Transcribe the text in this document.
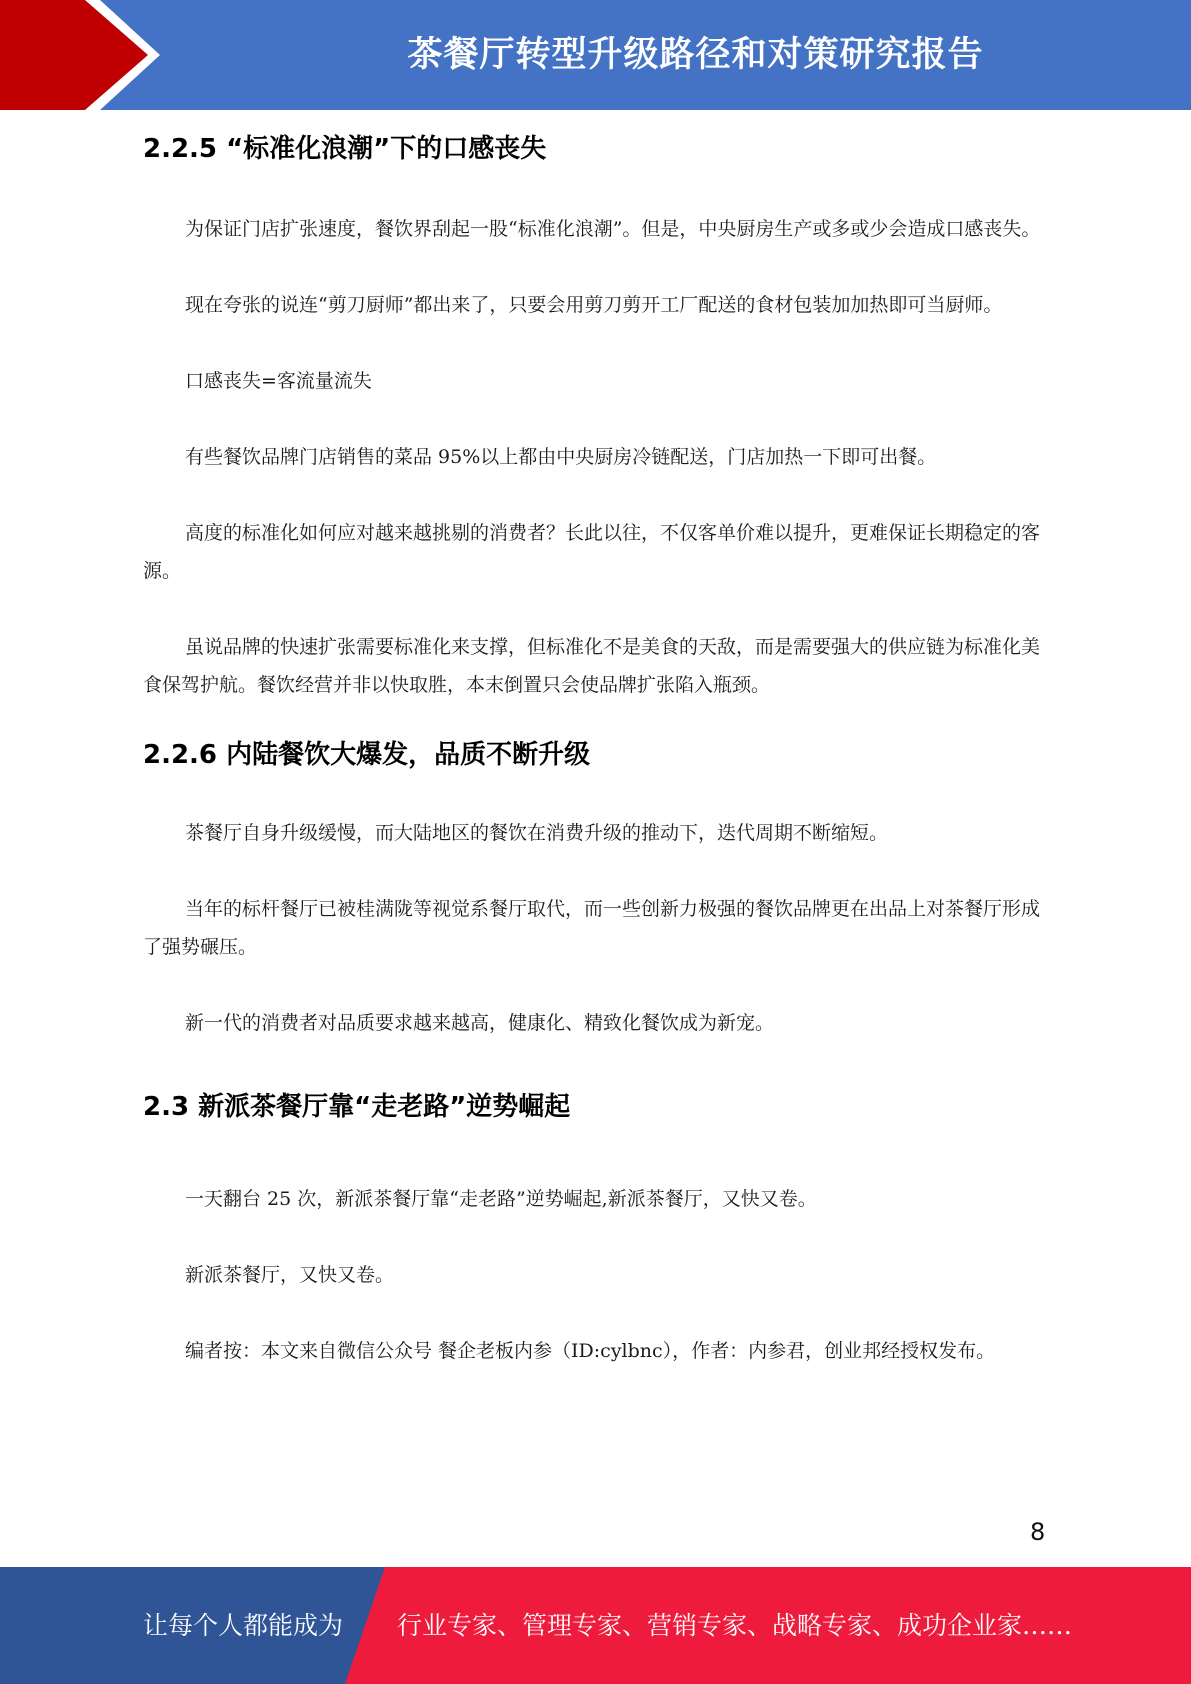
茶餐厅转型升级路径和对策研究报告
2.2.5 “标准化浪潮”下的口感丧失

为保证门店扩张速度，餐饮界刮起一股“标准化浪潮”。但是，中央厨房生产或多或少会造成口感丧失。

现在夸张的说连“剪刀厨师”都出来了，只要会用剪刀剪开工厂配送的食材包装加加热即可当厨师。

口感丧失=客流量流失

有些餐饮品牌门店销售的菜品 95%以上都由中央厨房冷链配送，门店加热一下即可出餐。

高度的标准化如何应对越来越挑剔的消费者？长此以往，不仅客单价难以提升，更难保证长期稳定的客源。

虽说品牌的快速扩张需要标准化来支撑，但标准化不是美食的天敌，而是需要强大的供应链为标准化美食保驾护航。餐饮经营并非以快取胜，本末倒置只会使品牌扩张陷入瓶颈。

2.2.6 内陆餐饮大爆发，品质不断升级

茶餐厅自身升级缓慢，而大陆地区的餐饮在消费升级的推动下，迭代周期不断缩短。

当年的标杆餐厅已被桂满陇等视觉系餐厅取代，而一些创新力极强的餐饮品牌更在出品上对茶餐厅形成了强势碾压。

新一代的消费者对品质要求越来越高，健康化、精致化餐饮成为新宠。

2.3 新派茶餐厅靠“走老路”逆势崛起

一天翻台 25 次，新派茶餐厅靠“走老路”逆势崛起,新派茶餐厅，又快又卷。

新派茶餐厅，又快又卷。

编者按：本文来自微信公众号 餐企老板内参（ID:cylbnc），作者：内参君，创业邦经授权发布。

8
让每个人都能成为 行业专家、管理专家、营销专家、战略专家、成功企业家……
